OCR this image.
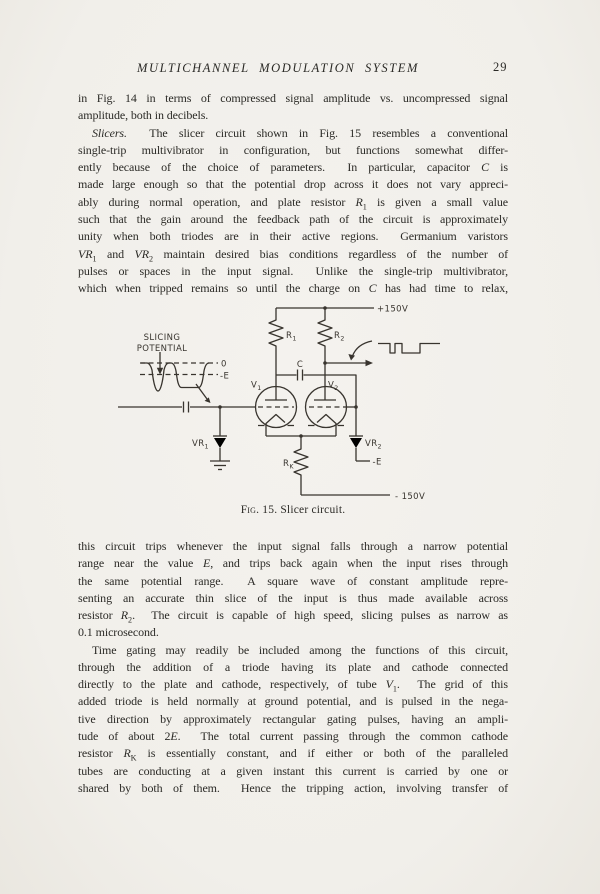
MULTICHANNEL MODULATION SYSTEM	29
in Fig. 14 in terms of compressed signal amplitude vs. uncompressed signal
amplitude, both in decibels.
Slicers.  The slicer circuit shown in Fig. 15 resembles a conventional
single-trip multivibrator in configuration, but functions somewhat differ-
ently because of the choice of parameters.  In particular, capacitor C is
made large enough so that the potential drop across it does not vary appreci-
ably during normal operation, and plate resistor $R_1$ is given a small value
such that the gain around the feedback path of the circuit is approximately
unity when both triodes are in their active regions.  Germanium varistors
$VR_1$ and $VR_2$ maintain desired bias conditions regardless of the number of
pulses or spaces in the input signal.  Unlike the single-trip multivibrator,
which when tripped remains so until the charge on C has had time to relax,
this circuit trips whenever the input signal falls through a narrow potential
range near the value E, and trips back again when the input rises through
the same potential range.  A square wave of constant amplitude repre-
senting an accurate thin slice of the input is thus made available across
resistor $R_2$.  The circuit is capable of high speed, slicing pulses as narrow as
0.1 microsecond.
Time gating may readily be included among the functions of this circuit,
through the addition of a triode having its plate and cathode connected
directly to the plate and cathode, respectively, of tube $V_1$.  The grid of this
added triode is held normally at ground potential, and is pulsed in the nega-
tive direction by approximately rectangular gating pulses, having an ampli-
tude of about 2E.  The total current passing through the common cathode
resistor $R_K$ is essentially constant, and if either or both of the paralleled
tubes are conducting at a given instant this current is carried by one or
shared by both of them.  Hence the tripping action, involving transfer of
+150V
$R_1$	$R_2$
C
$V_1$	$V_2$
$VR_1$	$VR_2$
$R_K$	-E
- 150V
0
-E
SLICING
POTENTIAL
Fig. 15. Slicer circuit.
